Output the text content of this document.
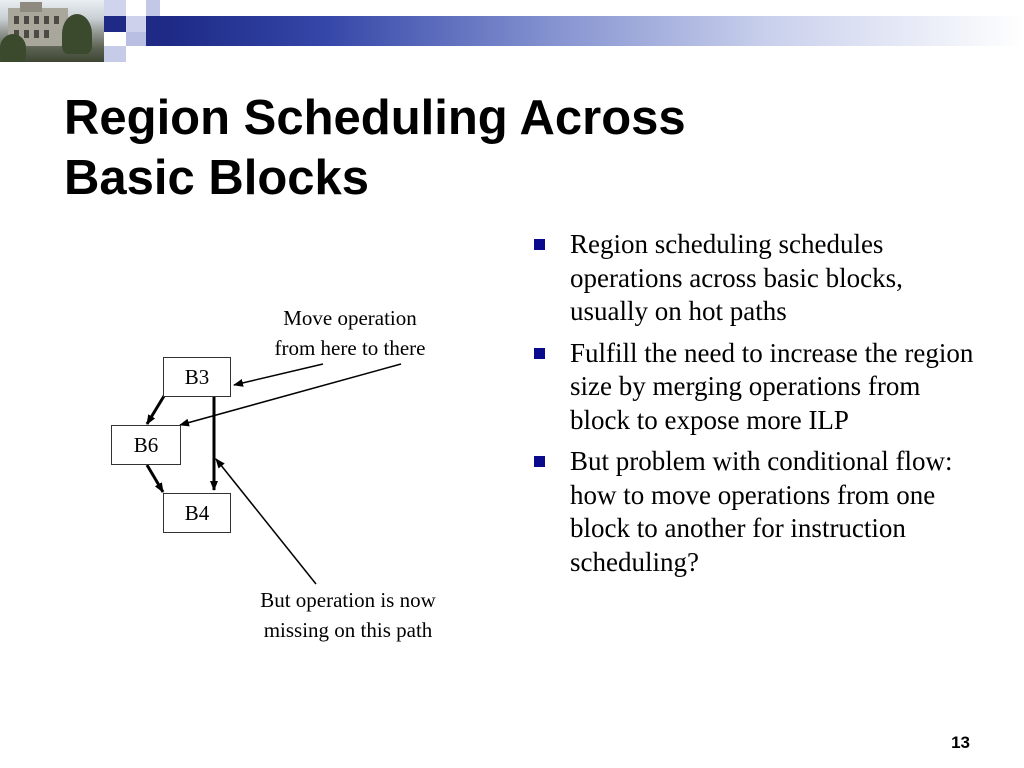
Region Scheduling Across
Basic Blocks
B3
B6
B4
Move operation
from here to there
But operation is now
missing on this path
Region scheduling schedules operations across basic blocks, usually on hot paths
Fulfill the need to increase the region size by merging operations from block to expose more ILP
But problem with conditional flow: how to move operations from one block to another for instruction scheduling?
13
